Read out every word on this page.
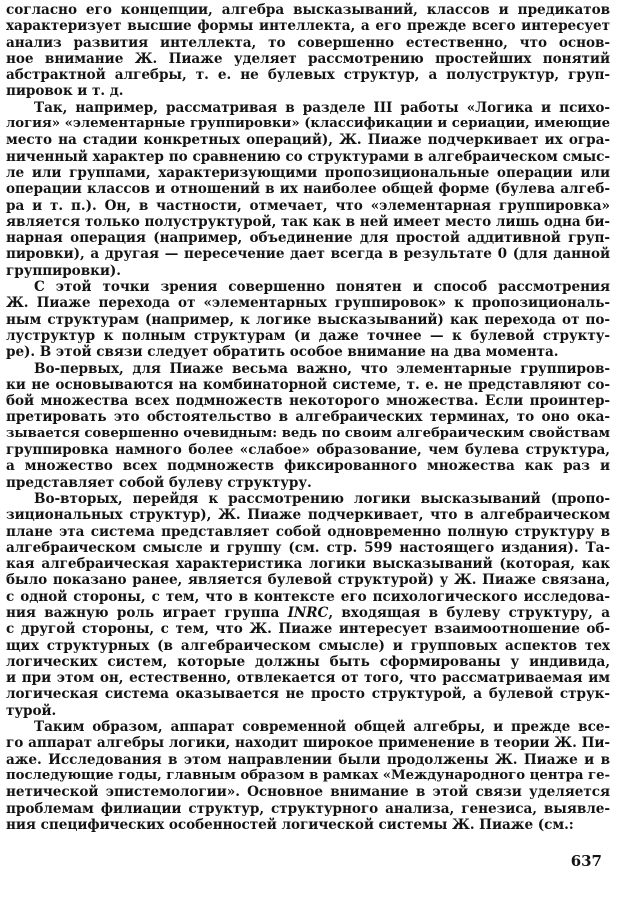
согласно его концепции, алгебра высказываний, классов и предикатов
характеризует высшие формы интеллекта, а его прежде всего интересует
анализ развития интеллекта, то совершенно естественно, что основ-
ное внимание Ж. Пиаже уделяет рассмотрению простейших понятий
абстрактной алгебры, т. е. не булевых структур, а полуструктур, груп-
пировок и т. д.
Так, например, рассматривая в разделе III работы «Логика и психо-
логия» «элементарные группировки» (классификации и сериации, имеющие
место на стадии конкретных операций), Ж. Пиаже подчеркивает их огра-
ниченный характер по сравнению со структурами в алгебраическом смыс-
ле или группами, характеризующими пропозициональные операции или
операции классов и отношений в их наиболее общей форме (булева алгеб-
ра и т. п.). Он, в частности, отмечает, что «элементарная группировка»
является только полуструктурой, так как в ней имеет место лишь одна би-
нарная операция (например, объединение для простой аддитивной груп-
пировки), а другая — пересечение дает всегда в результате 0 (для данной
группировки).
С этой точки зрения совершенно понятен и способ рассмотрения
Ж. Пиаже перехода от «элементарных группировок» к пропозициональ-
ным структурам (например, к логике высказываний) как перехода от по-
луструктур к полным структурам (и даже точнее — к булевой структу-
ре). В этой связи следует обратить особое внимание на два момента.
Во-первых, для Пиаже весьма важно, что элементарные группиров-
ки не основываются на комбинаторной системе, т. е. не представляют со-
бой множества всех подмножеств некоторого множества. Если проинтер-
претировать это обстоятельство в алгебраических терминах, то оно ока-
зывается совершенно очевидным: ведь по своим алгебраическим свойствам
группировка намного более «слабое» образование, чем булева структура,
а множество всех подмножеств фиксированного множества как раз и
представляет собой булеву структуру.
Во-вторых, перейдя к рассмотрению логики высказываний (пропо-
зициональных структур), Ж. Пиаже подчеркивает, что в алгебраическом
плане эта система представляет собой одновременно полную структуру в
алгебраическом смысле и группу (см. стр. 599 настоящего издания). Та-
кая алгебраическая характеристика логики высказываний (которая, как
было показано ранее, является булевой структурой) у Ж. Пиаже связана,
с одной стороны, с тем, что в контексте его психологического исследова-
ния важную роль играет группа INRC, входящая в булеву структуру, а
с другой стороны, с тем, что Ж. Пиаже интересует взаимоотношение об-
щих структурных (в алгебраическом смысле) и групповых аспектов тех
логических систем, которые должны быть сформированы у индивида,
и при этом он, естественно, отвлекается от того, что рассматриваемая им
логическая система оказывается не просто структурой, а булевой струк-
турой.
Таким образом, аппарат современной общей алгебры, и прежде все-
го аппарат алгебры логики, находит широкое применение в теории Ж. Пи-
аже. Исследования в этом направлении были продолжены Ж. Пиаже и в
последующие годы, главным образом в рамках «Международного центра ге-
нетической эпистемологии». Основное внимание в этой связи уделяется
проблемам филиации структур, структурного анализа, генезиса, выявле-
ния специфических особенностей логической системы Ж. Пиаже (см.:
637
